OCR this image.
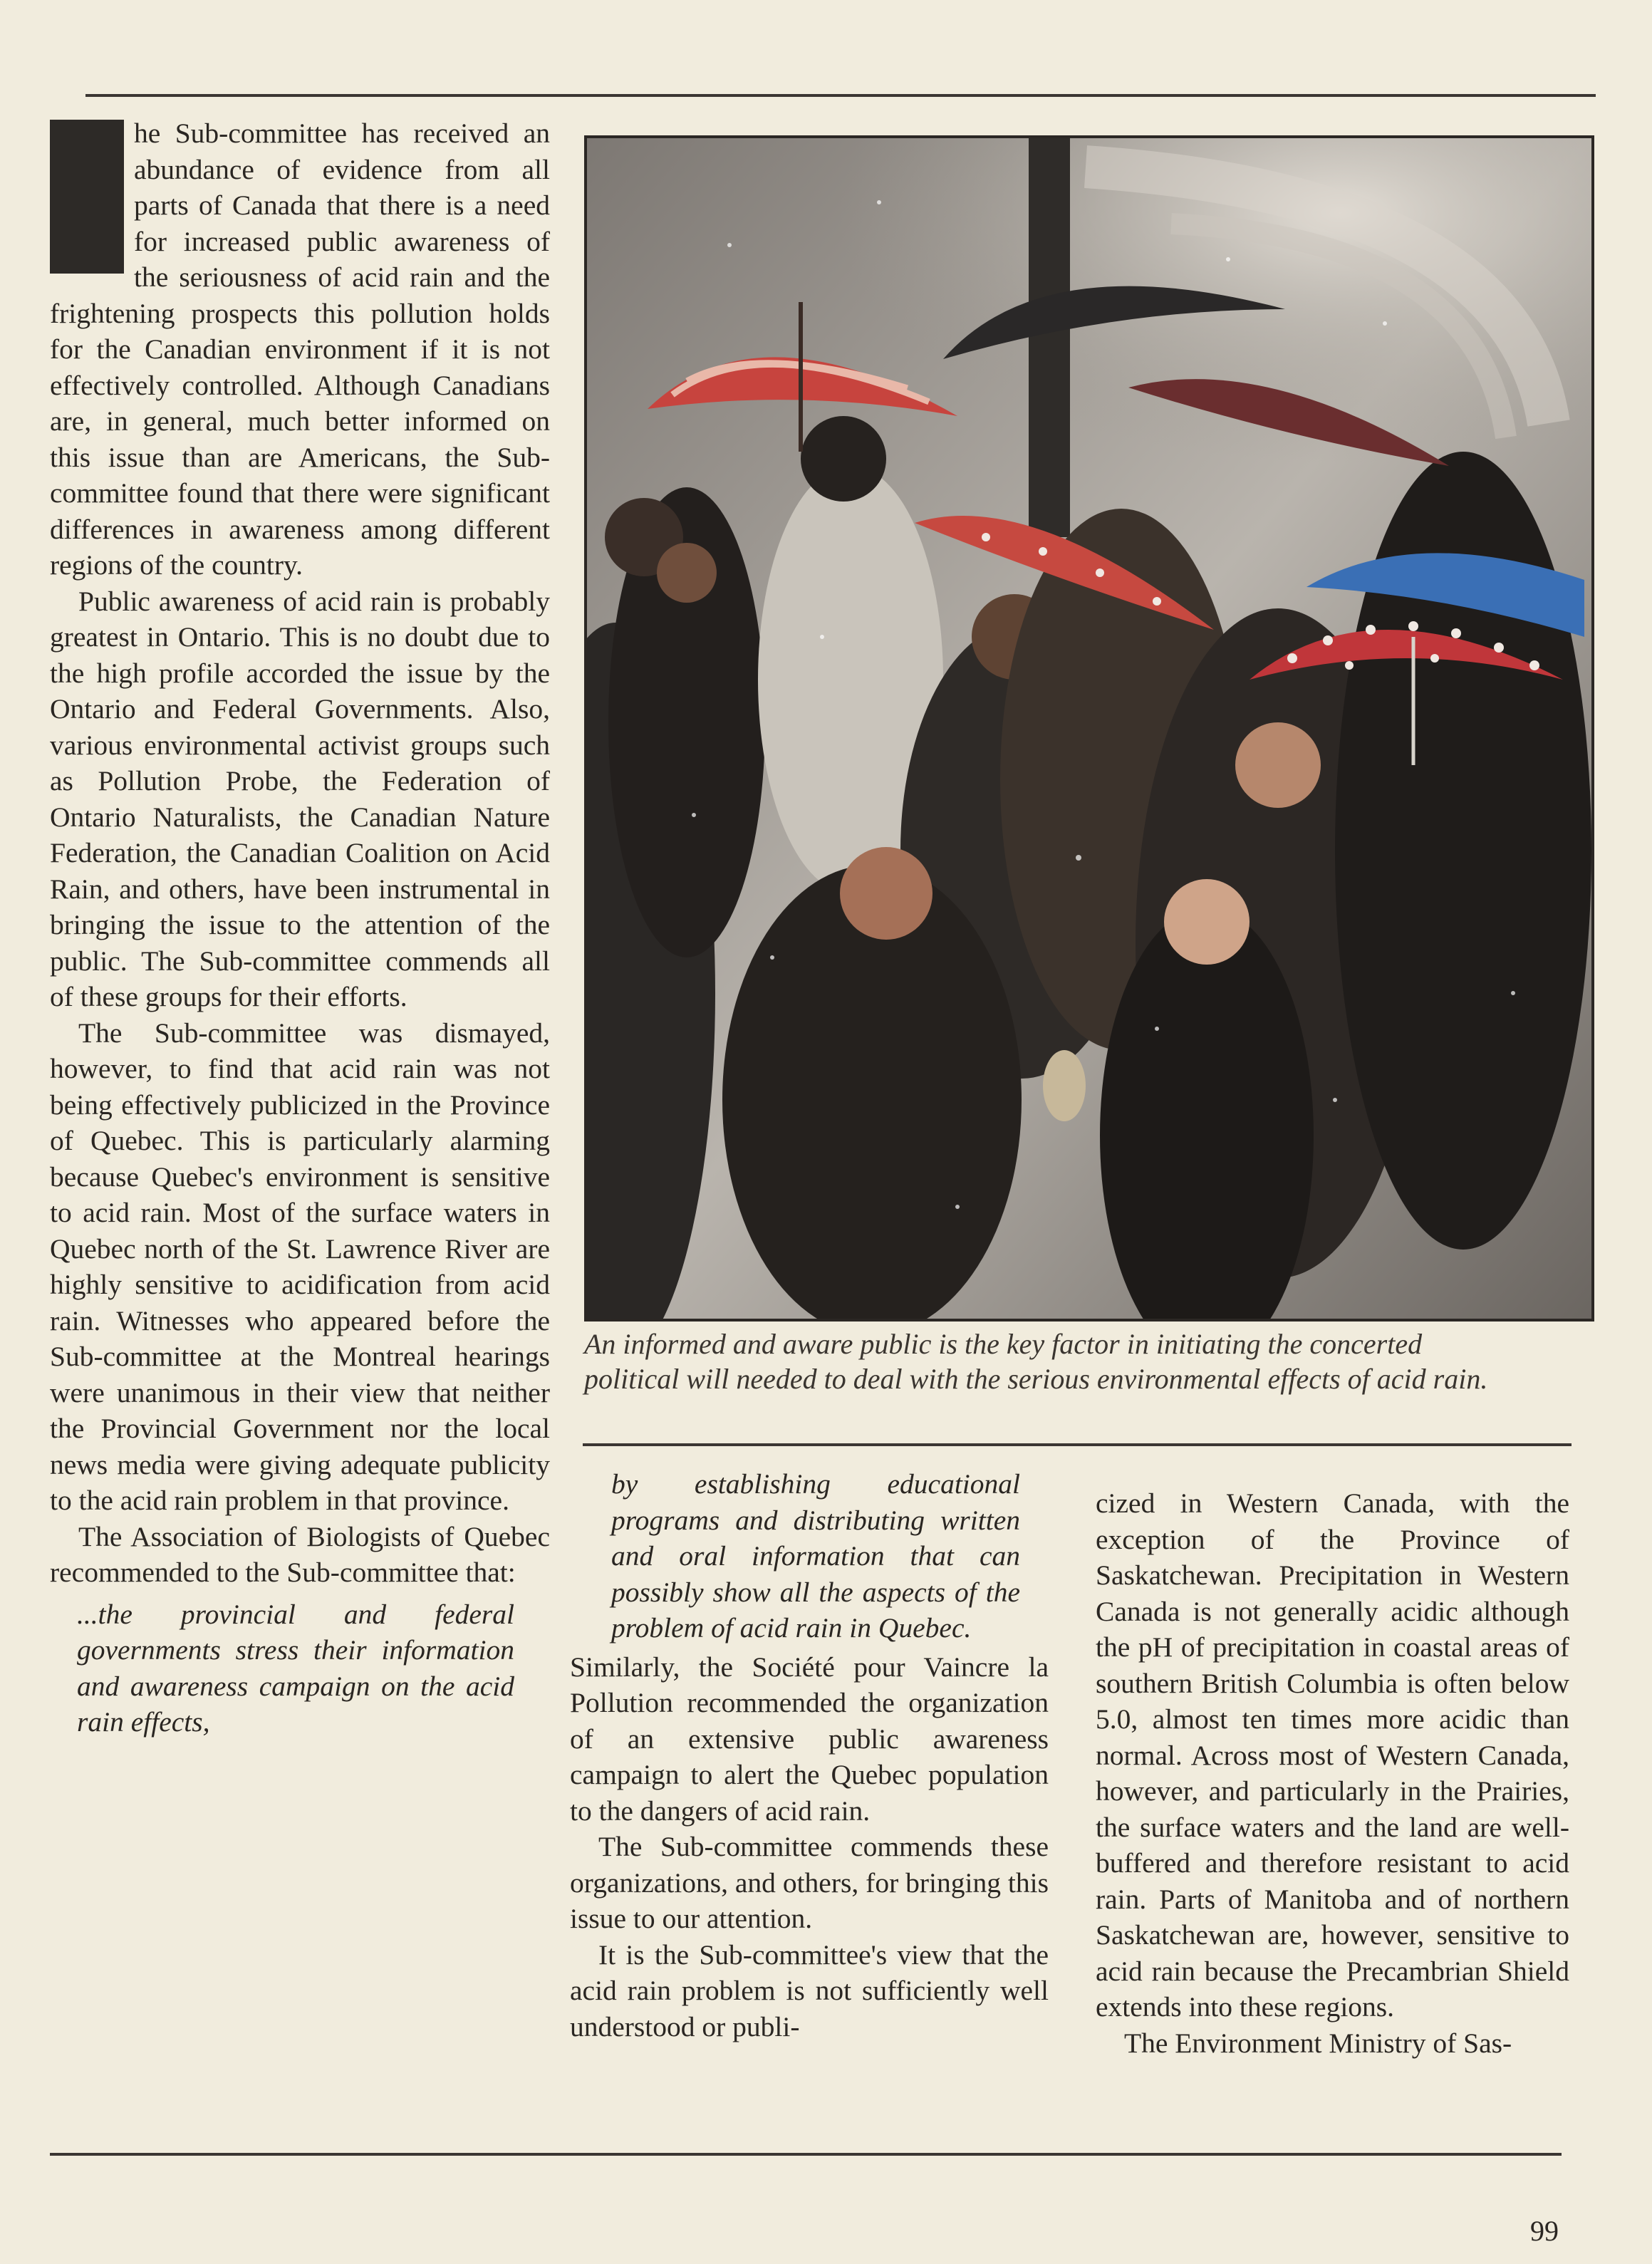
he Sub-committee has received an abundance of evidence from all parts of Canada that there is a need for increased public awareness of the seriousness of acid rain and the frightening prospects this pollution holds for the Canadian environment if it is not effectively controlled. Although Canadians are, in general, much better informed on this issue than are Americans, the Sub-committee found that there were significant differences in awareness among different regions of the country.

Public awareness of acid rain is probably greatest in Ontario. This is no doubt due to the high profile accorded the issue by the Ontario and Federal Governments. Also, various environmental activist groups such as Pollution Probe, the Federation of Ontario Naturalists, the Canadian Nature Federation, the Canadian Coalition on Acid Rain, and others, have been instrumental in bringing the issue to the attention of the public. The Sub-committee commends all of these groups for their efforts.

The Sub-committee was dismayed, however, to find that acid rain was not being effectively publicized in the Province of Quebec. This is particularly alarming because Quebec's environment is sensitive to acid rain. Most of the surface waters in Quebec north of the St. Lawrence River are highly sensitive to acidification from acid rain. Witnesses who appeared before the Sub-committee at the Montreal hearings were unanimous in their view that neither the Provincial Government nor the local news media were giving adequate publicity to the acid rain problem in that province.

The Association of Biologists of Quebec recommended to the Sub-committee that:

...the provincial and federal governments stress their information and awareness campaign on the acid rain effects,
An informed and aware public is the key factor in initiating the concerted political will needed to deal with the serious environmental effects of acid rain.
by establishing educational programs and distributing written and oral information that can possibly show all the aspects of the problem of acid rain in Quebec.

Similarly, the Société pour Vaincre la Pollution recommended the organization of an extensive public awareness campaign to alert the Quebec population to the dangers of acid rain.

The Sub-committee commends these organizations, and others, for bringing this issue to our attention.

It is the Sub-committee's view that the acid rain problem is not sufficiently well understood or publi-

cized in Western Canada, with the exception of the Province of Saskatchewan. Precipitation in Western Canada is not generally acidic although the pH of precipitation in coastal areas of southern British Columbia is often below 5.0, almost ten times more acidic than normal. Across most of Western Canada, however, and particularly in the Prairies, the surface waters and the land are well-buffered and therefore resistant to acid rain. Parts of Manitoba and of northern Saskatchewan are, however, sensitive to acid rain because the Precambrian Shield extends into these regions.

The Environment Ministry of Sas-

99
